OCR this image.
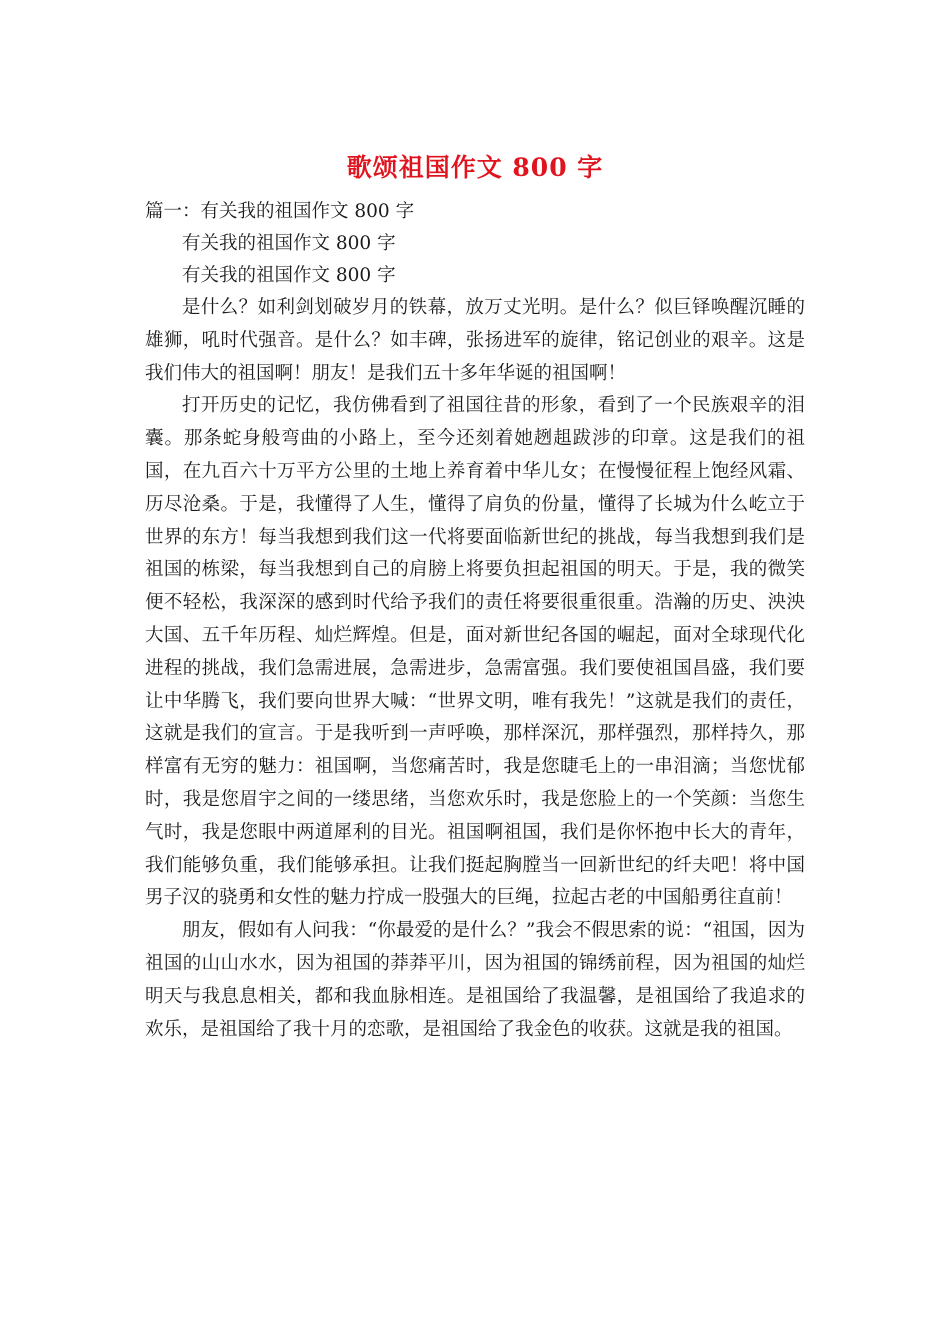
歌颂祖国作文 800 字

篇一：有关我的祖国作文 800 字

有关我的祖国作文 800 字

有关我的祖国作文 800 字

是什么？如利剑划破岁月的铁幕，放万丈光明。是什么？似巨铎唤醒沉睡的雄狮，吼时代强音。是什么？如丰碑，张扬进军的旋律，铭记创业的艰辛。这是我们伟大的祖国啊！朋友！是我们五十多年华诞的祖国啊！

打开历史的记忆，我仿佛看到了祖国往昔的形象，看到了一个民族艰辛的泪囊。那条蛇身般弯曲的小路上，至今还刻着她趔趄跋涉的印章。这是我们的祖国，在九百六十万平方公里的土地上养育着中华儿女；在慢慢征程上饱经风霜、历尽沧桑。于是，我懂得了人生，懂得了肩负的份量，懂得了长城为什么屹立于世界的东方！每当我想到我们这一代将要面临新世纪的挑战，每当我想到我们是祖国的栋梁，每当我想到自己的肩膀上将要负担起祖国的明天。于是，我的微笑便不轻松，我深深的感到时代给予我们的责任将要很重很重。浩瀚的历史、泱泱大国、五千年历程、灿烂辉煌。但是，面对新世纪各国的崛起，面对全球现代化进程的挑战，我们急需进展，急需进步，急需富强。我们要使祖国昌盛，我们要让中华腾飞，我们要向世界大喊：“世界文明，唯有我先！”这就是我们的责任，这就是我们的宣言。于是我听到一声呼唤，那样深沉，那样强烈，那样持久，那样富有无穷的魅力：祖国啊，当您痛苦时，我是您睫毛上的一串泪滴；当您忧郁时，我是您眉宇之间的一缕思绪，当您欢乐时，我是您脸上的一个笑颜：当您生气时，我是您眼中两道犀利的目光。祖国啊祖国，我们是你怀抱中长大的青年，我们能够负重，我们能够承担。让我们挺起胸膛当一回新世纪的纤夫吧！将中国男子汉的骁勇和女性的魅力拧成一股强大的巨绳，拉起古老的中国船勇往直前！

朋友，假如有人问我：“你最爱的是什么？”我会不假思索的说：“祖国，因为祖国的山山水水，因为祖国的莽莽平川，因为祖国的锦绣前程，因为祖国的灿烂明天与我息息相关，都和我血脉相连。是祖国给了我温馨，是祖国给了我追求的欢乐，是祖国给了我十月的恋歌，是祖国给了我金色的收获。这就是我的祖国。
